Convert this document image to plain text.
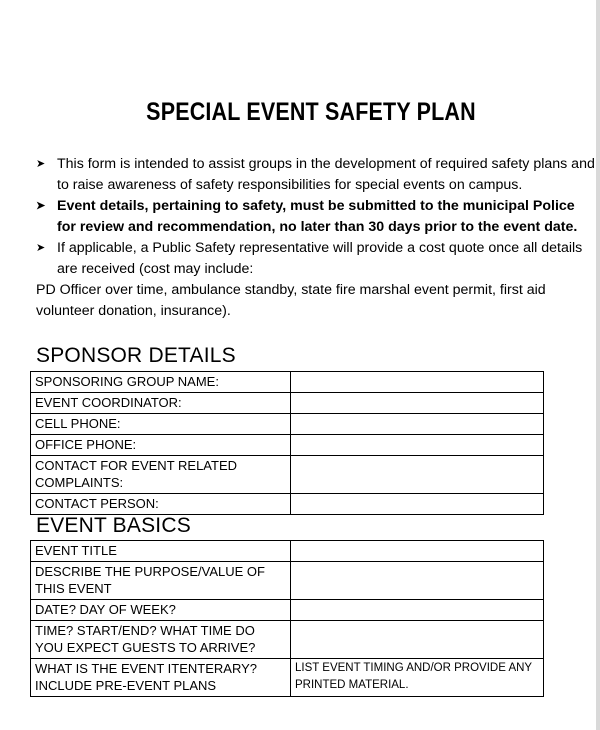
SPECIAL EVENT SAFETY PLAN
➤ This form is intended to assist groups in the development of required safety plans and to raise awareness of safety responsibilities for special events on campus.
➤ Event details, pertaining to safety, must be submitted to the municipal Police for review and recommendation, no later than 30 days prior to the event date.
➤ If applicable, a Public Safety representative will provide a cost quote once all details are received (cost may include:
PD Officer over time, ambulance standby, state fire marshal event permit, first aid volunteer donation, insurance).
SPONSOR DETAILS
SPONSORING GROUP NAME:	
EVENT COORDINATOR:	
CELL PHONE:	
OFFICE PHONE:	
CONTACT FOR EVENT RELATED COMPLAINTS:	
CONTACT PERSON:	
EVENT BASICS
EVENT TITLE	
DESCRIBE THE PURPOSE/VALUE OF THIS EVENT	
DATE? DAY OF WEEK?	
TIME? START/END? WHAT TIME DO YOU EXPECT GUESTS TO ARRIVE?	
WHAT IS THE EVENT ITENTERARY? INCLUDE PRE-EVENT PLANS	LIST EVENT TIMING AND/OR PROVIDE ANY PRINTED MATERIAL.
